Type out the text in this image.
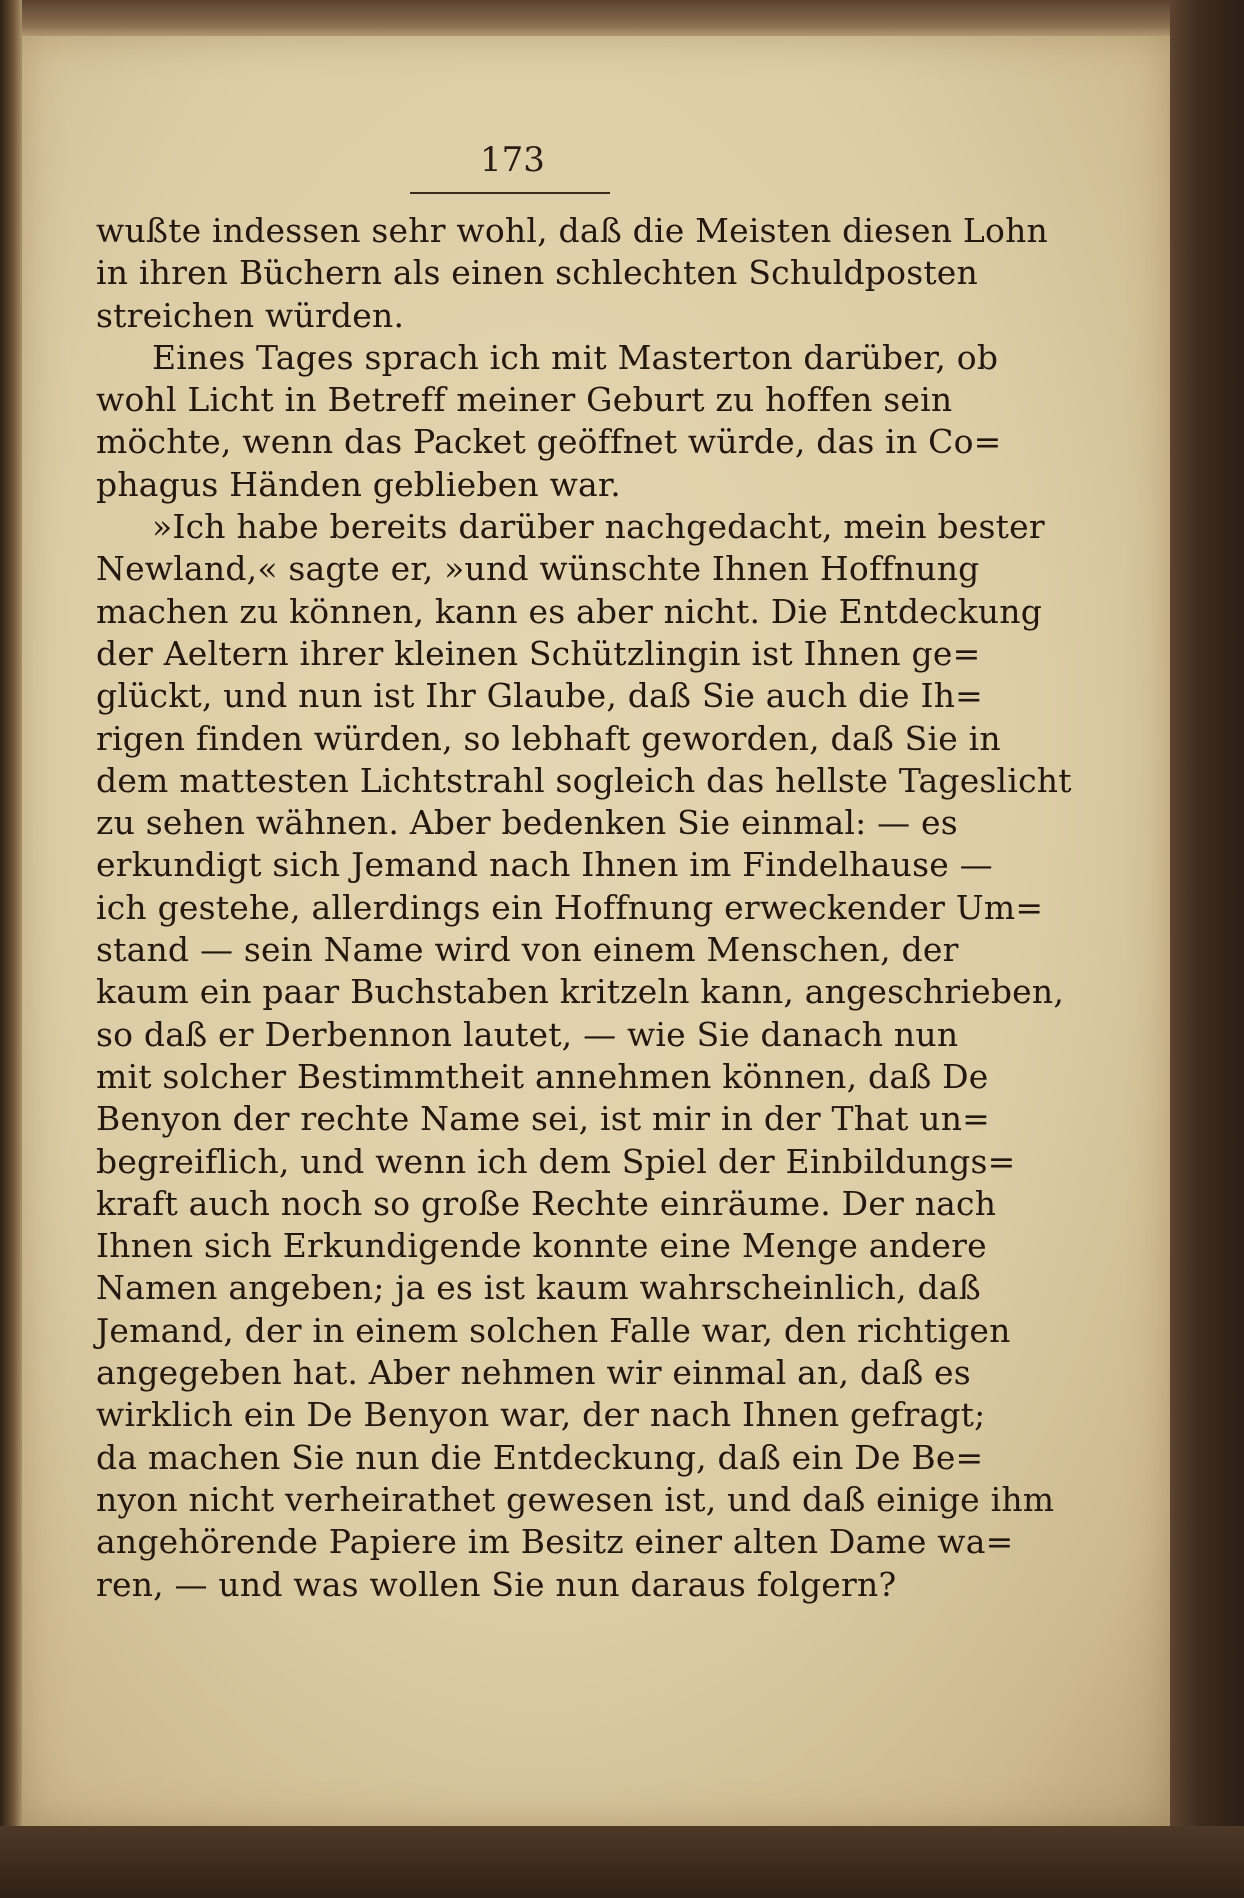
173
wußte indessen sehr wohl, daß die Meisten diesen Lohn
in ihren Büchern als einen schlechten Schuldposten
streichen würden.
Eines Tages sprach ich mit Masterton darüber, ob
wohl Licht in Betreff meiner Geburt zu hoffen sein
möchte, wenn das Packet geöffnet würde, das in Co=
phagus Händen geblieben war.
»Ich habe bereits darüber nachgedacht, mein bester
Newland,« sagte er, »und wünschte Ihnen Hoffnung
machen zu können, kann es aber nicht. Die Entdeckung
der Aeltern ihrer kleinen Schützlingin ist Ihnen ge=
glückt, und nun ist Ihr Glaube, daß Sie auch die Ih=
rigen finden würden, so lebhaft geworden, daß Sie in
dem mattesten Lichtstrahl sogleich das hellste Tageslicht
zu sehen wähnen. Aber bedenken Sie einmal: — es
erkundigt sich Jemand nach Ihnen im Findelhause —
ich gestehe, allerdings ein Hoffnung erweckender Um=
stand — sein Name wird von einem Menschen, der
kaum ein paar Buchstaben kritzeln kann, angeschrieben,
so daß er Derbennon lautet, — wie Sie danach nun
mit solcher Bestimmtheit annehmen können, daß De
Benyon der rechte Name sei, ist mir in der That un=
begreiflich, und wenn ich dem Spiel der Einbildungs=
kraft auch noch so große Rechte einräume. Der nach
Ihnen sich Erkundigende konnte eine Menge andere
Namen angeben; ja es ist kaum wahrscheinlich, daß
Jemand, der in einem solchen Falle war, den richtigen
angegeben hat. Aber nehmen wir einmal an, daß es
wirklich ein De Benyon war, der nach Ihnen gefragt;
da machen Sie nun die Entdeckung, daß ein De Be=
nyon nicht verheirathet gewesen ist, und daß einige ihm
angehörende Papiere im Besitz einer alten Dame wa=
ren, — und was wollen Sie nun daraus folgern?
